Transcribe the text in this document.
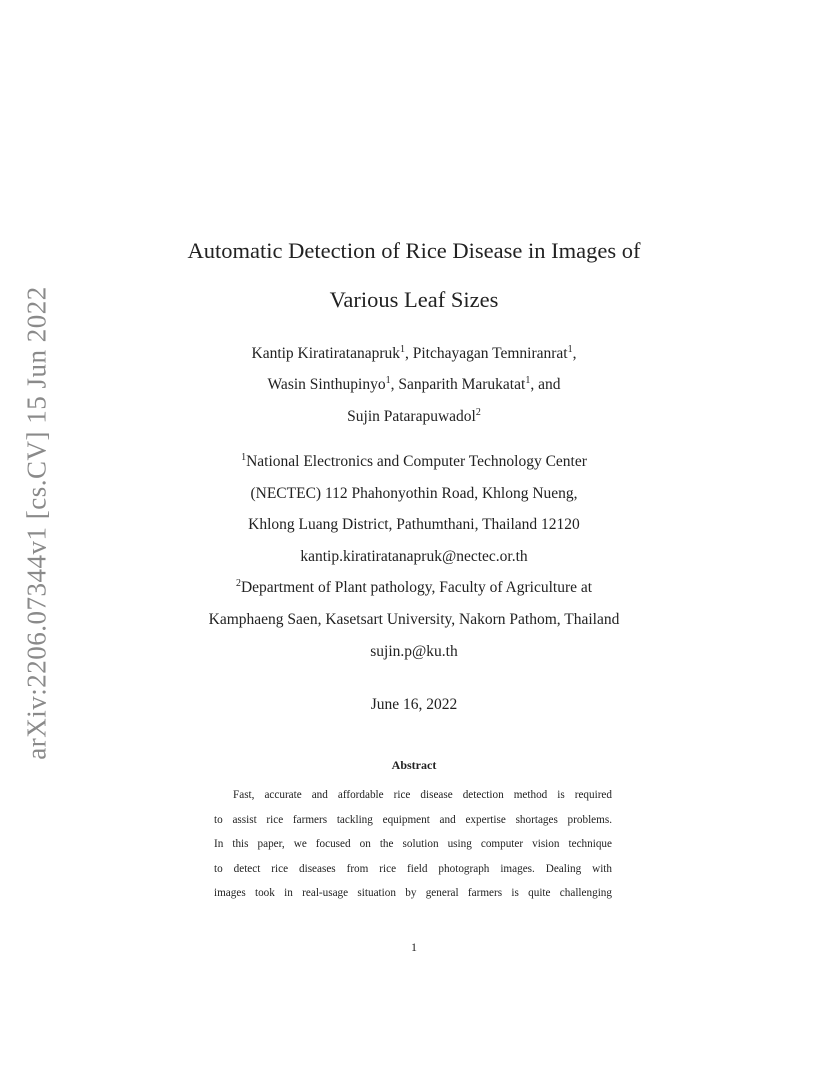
arXiv:2206.07344v1 [cs.CV] 15 Jun 2022
Automatic Detection of Rice Disease in Images of
Various Leaf Sizes
Kantip Kiratiratanapruk$^1$, Pitchayagan Temniranrat$^1$,
Wasin Sinthupinyo$^1$, Sanparith Marukatat$^1$, and
Sujin Patarapuwadol$^2$
$^1$National Electronics and Computer Technology Center
(NECTEC) 112 Phahonyothin Road, Khlong Nueng,
Khlong Luang District, Pathumthani, Thailand 12120
kantip.kiratiratanapruk@nectec.or.th
$^2$Department of Plant pathology, Faculty of Agriculture at
Kamphaeng Saen, Kasetsart University, Nakorn Pathom, Thailand
sujin.p@ku.th
June 16, 2022
Abstract
Fast, accurate and affordable rice disease detection method is required
to assist rice farmers tackling equipment and expertise shortages problems.
In this paper, we focused on the solution using computer vision technique
to detect rice diseases from rice field photograph images. Dealing with
images took in real-usage situation by general farmers is quite challenging
1
